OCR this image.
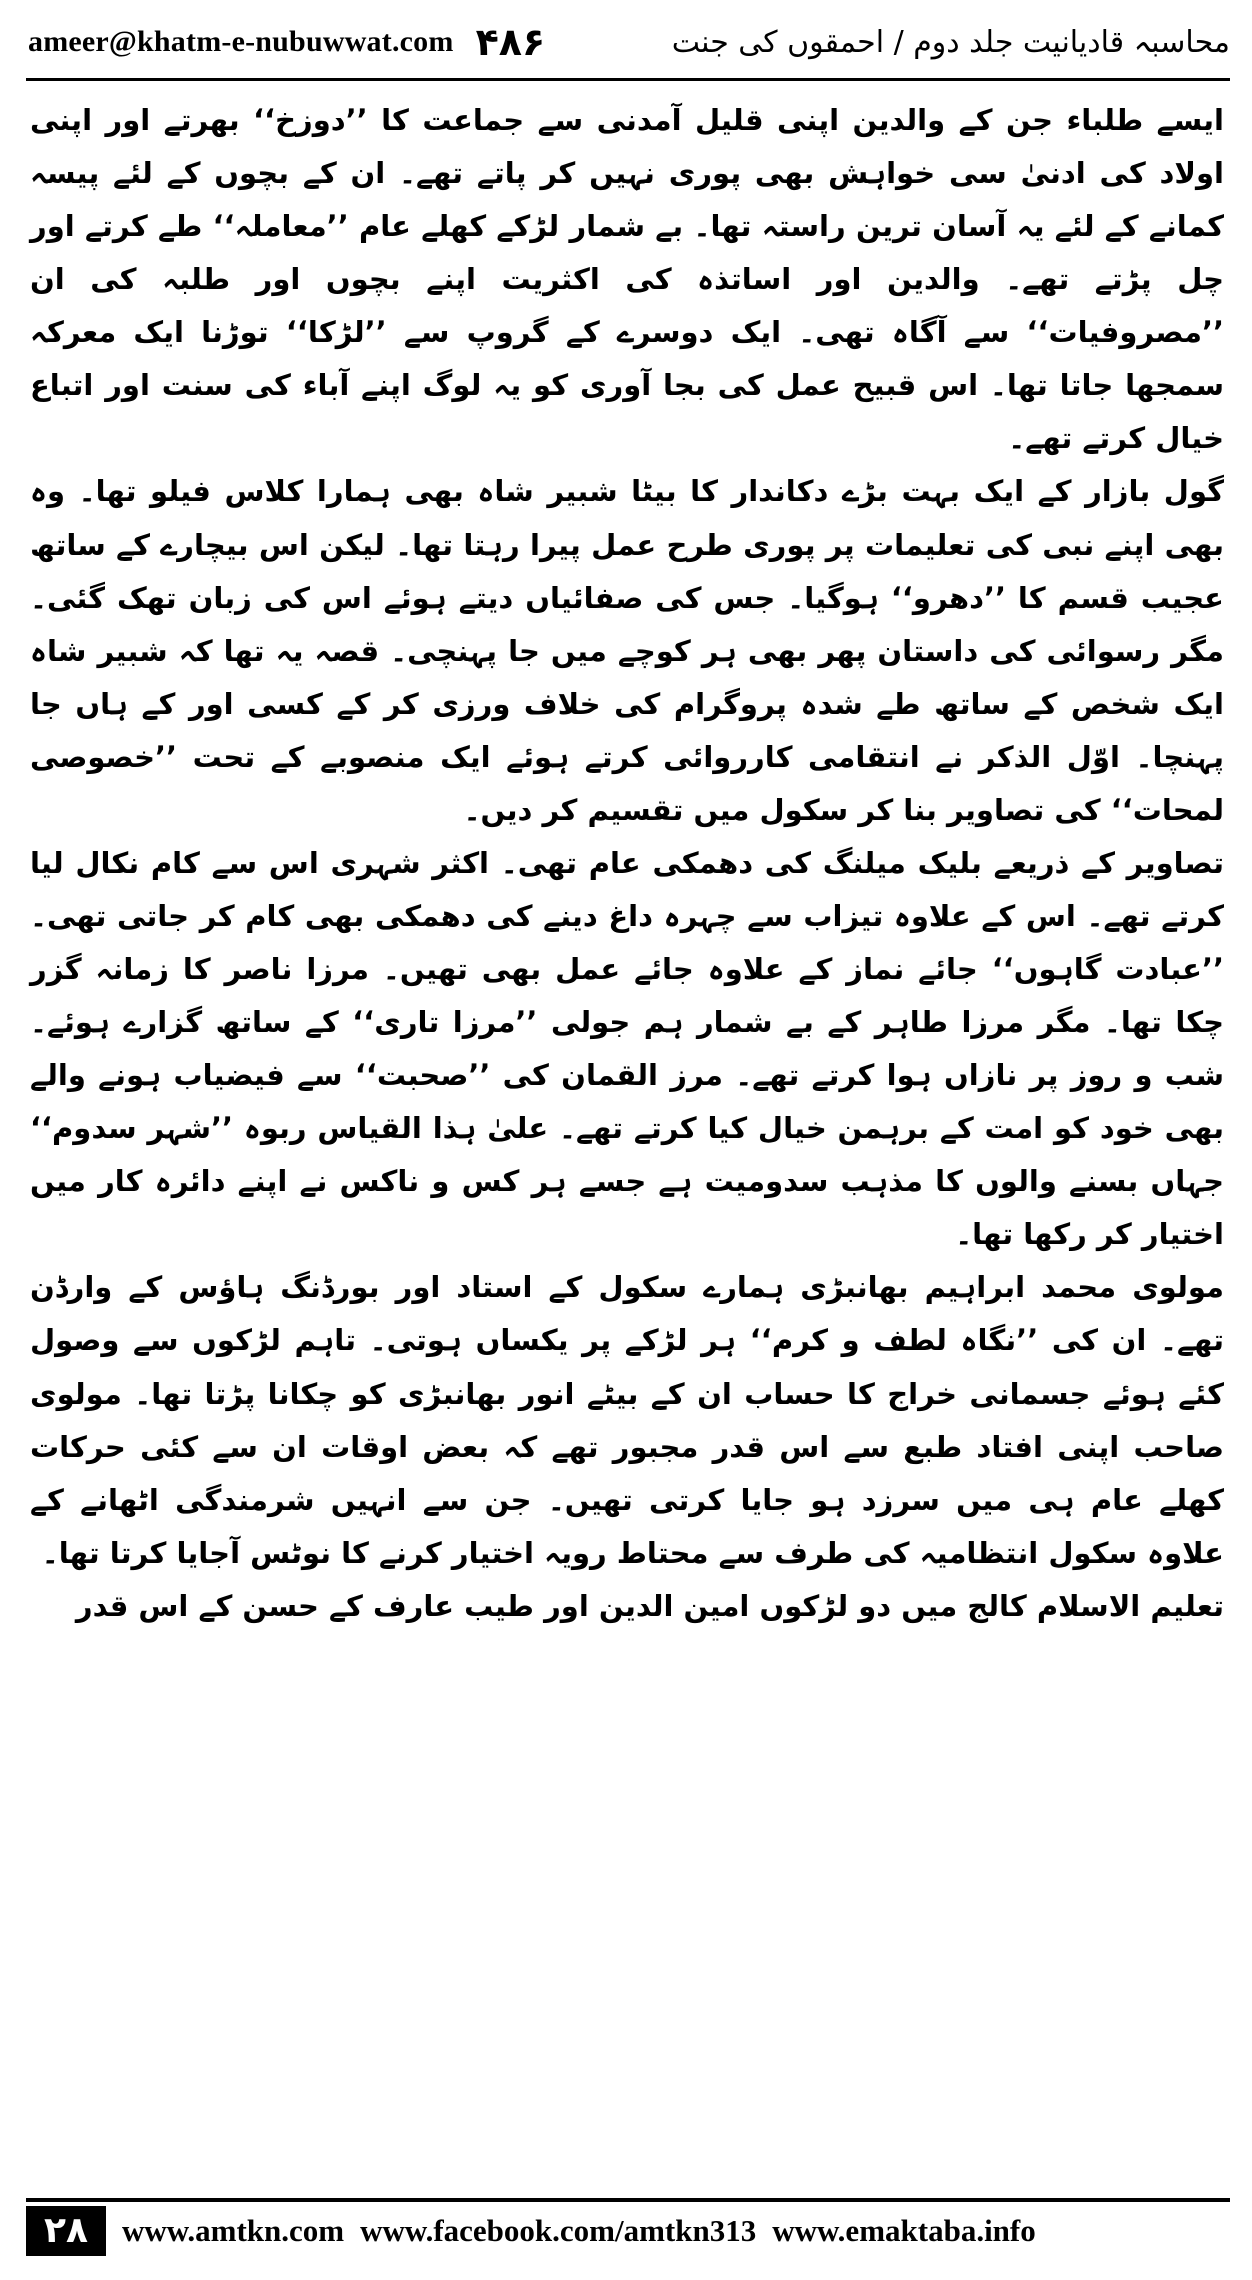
ameer@khatm-e-nubuwwat.com ۴۸۶	محاسبہ قادیانیت جلد دوم / احمقوں کی جنت

ایسے طلباء جن کے والدین اپنی قلیل آمدنی سے جماعت کا ’’دوزخ‘‘ بھرتے اور اپنی اولاد کی ادنیٰ سی خواہش بھی پوری نہیں کر پاتے تھے۔ ان کے بچوں کے لئے پیسہ کمانے کے لئے یہ آسان ترین راستہ تھا۔ بے شمار لڑکے کھلے عام ’’معاملہ‘‘ طے کرتے اور چل پڑتے تھے۔ والدین اور اساتذہ کی اکثریت اپنے بچوں اور طلبہ کی ان ’’مصروفیات‘‘ سے آگاہ تھی۔ ایک دوسرے کے گروپ سے ’’لڑکا‘‘ توڑنا ایک معرکہ سمجھا جاتا تھا۔ اس قبیح عمل کی بجا آوری کو یہ لوگ اپنے آباء کی سنت اور اتباع خیال کرتے تھے۔

گول بازار کے ایک بہت بڑے دکاندار کا بیٹا شبیر شاہ بھی ہمارا کلاس فیلو تھا۔ وہ بھی اپنے نبی کی تعلیمات پر پوری طرح عمل پیرا رہتا تھا۔ لیکن اس بیچارے کے ساتھ عجیب قسم کا ’’دھرو‘‘ ہوگیا۔ جس کی صفائیاں دیتے ہوئے اس کی زبان تھک گئی۔ مگر رسوائی کی داستان پھر بھی ہر کوچے میں جا پہنچی۔ قصہ یہ تھا کہ شبیر شاہ ایک شخص کے ساتھ طے شدہ پروگرام کی خلاف ورزی کر کے کسی اور کے ہاں جا پہنچا۔ اوّل الذکر نے انتقامی کارروائی کرتے ہوئے ایک منصوبے کے تحت ’’خصوصی لمحات‘‘ کی تصاویر بنا کر سکول میں تقسیم کر دیں۔

تصاویر کے ذریعے بلیک میلنگ کی دھمکی عام تھی۔ اکثر شہری اس سے کام نکال لیا کرتے تھے۔ اس کے علاوہ تیزاب سے چہرہ داغ دینے کی دھمکی بھی کام کر جاتی تھی۔ ’’عبادت گاہوں‘‘ جائے نماز کے علاوہ جائے عمل بھی تھیں۔ مرزا ناصر کا زمانہ گزر چکا تھا۔ مگر مرزا طاہر کے بے شمار ہم جولی ’’مرزا تاری‘‘ کے ساتھ گزارے ہوئے۔ شب و روز پر نازاں ہوا کرتے تھے۔ مرز القمان کی ’’صحبت‘‘ سے فیضیاب ہونے والے بھی خود کو امت کے برہمن خیال کیا کرتے تھے۔ علیٰ ہذا القیاس ربوہ ’’شہر سدوم‘‘ جہاں بسنے والوں کا مذہب سدومیت ہے جسے ہر کس و ناکس نے اپنے دائرہ کار میں اختیار کر رکھا تھا۔

مولوی محمد ابراہیم بھانبڑی ہمارے سکول کے استاد اور بورڈنگ ہاؤس کے وارڈن تھے۔ ان کی ’’نگاہ لطف و کرم‘‘ ہر لڑکے پر یکساں ہوتی۔ تاہم لڑکوں سے وصول کئے ہوئے جسمانی خراج کا حساب ان کے بیٹے انور بھانبڑی کو چکانا پڑتا تھا۔ مولوی صاحب اپنی افتاد طبع سے اس قدر مجبور تھے کہ بعض اوقات ان سے کئی حرکات کھلے عام ہی میں سرزد ہو جایا کرتی تھیں۔ جن سے انہیں شرمندگی اٹھانے کے علاوہ سکول انتظامیہ کی طرف سے محتاط رویہ اختیار کرنے کا نوٹس آجایا کرتا تھا۔

تعلیم الاسلام کالج میں دو لڑکوں امین الدین اور طیب عارف کے حسن کے اس قدر

۲۸	www.amtkn.com www.facebook.com/amtkn313 www.emaktaba.info
